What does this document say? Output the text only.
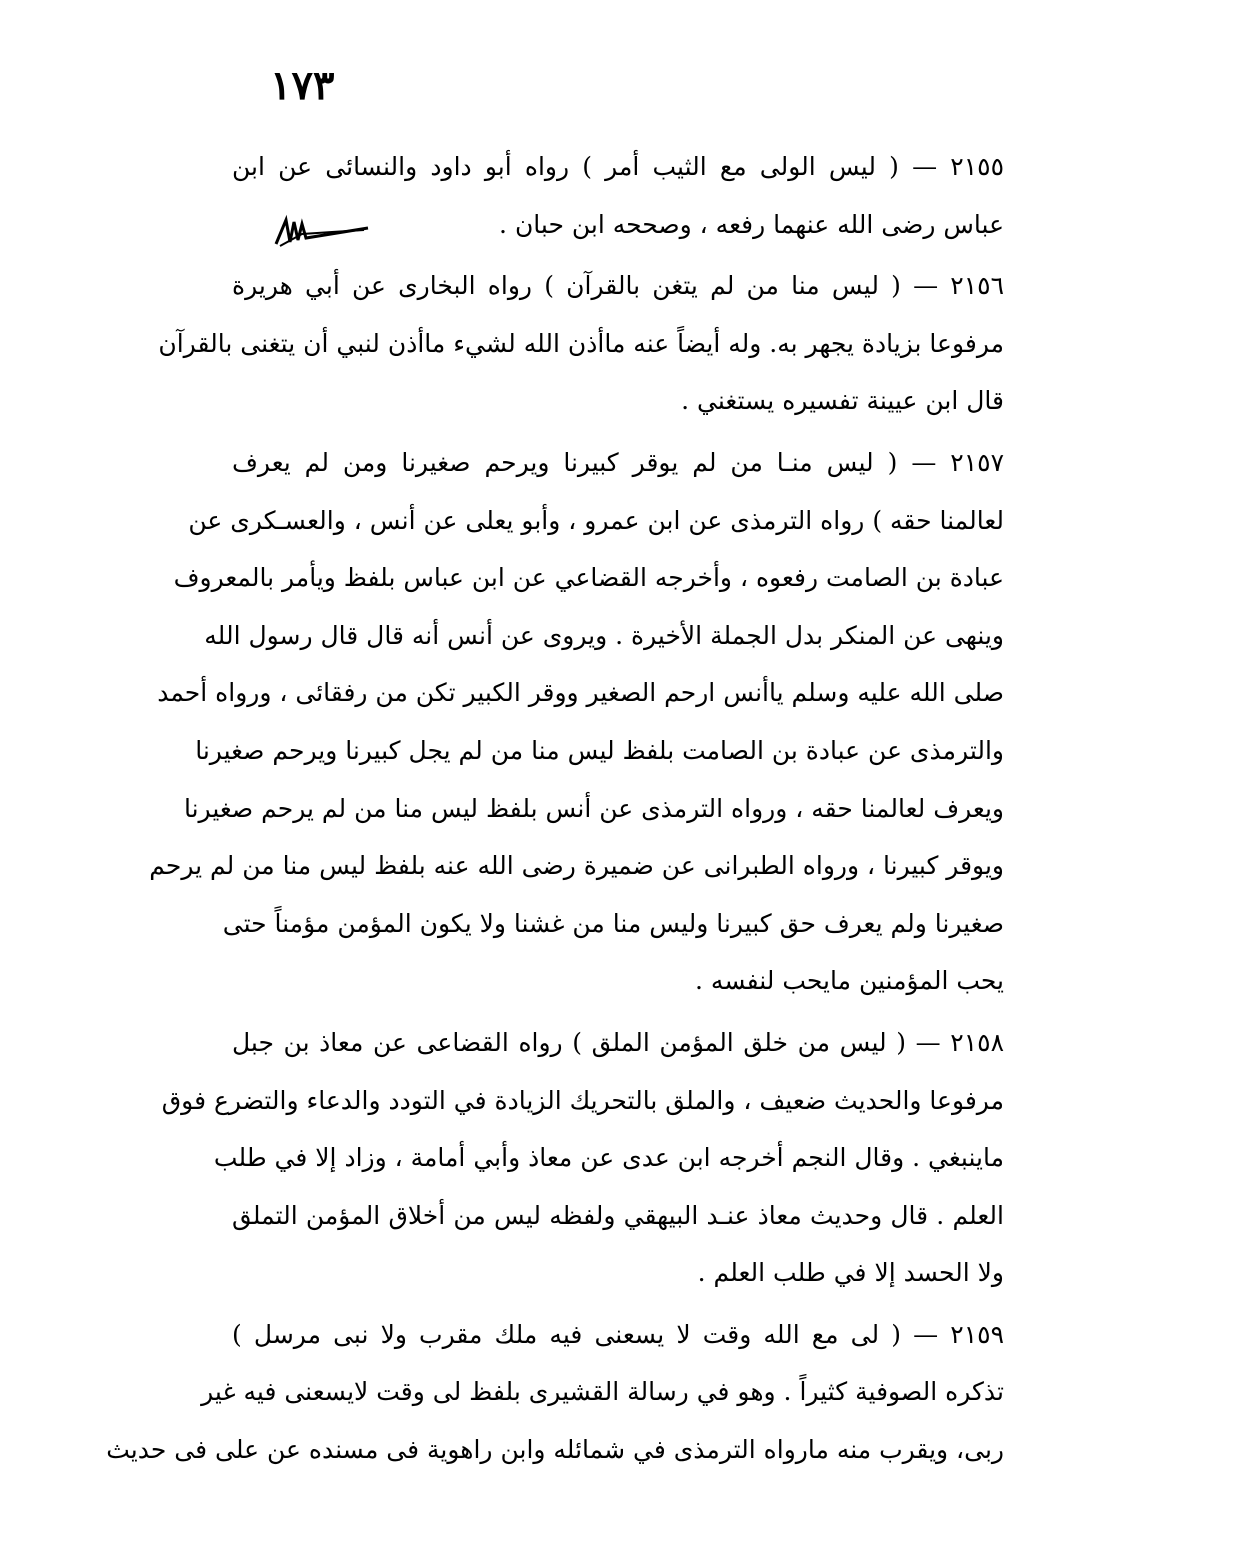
١٧٣
٢١٥٥ — ( ليس الولى مع الثيب أمر ) رواه أبو داود والنسائى عن ابن
عباس رضى الله عنهما رفعه ، وصححه ابن حبان .
٢١٥٦ — ( ليس منا من لم يتغن بالقرآن ) رواه البخارى عن أبي هريرة
مرفوعا بزيادة يجهر به. وله أيضاً عنه ماأذن الله لشيء ماأذن لنبي أن يتغنى بالقرآن
قال ابن عيينة تفسيره يستغني .
٢١٥٧ — ( ليس منـا من لم يوقر كبيرنا ويرحم صغيرنا ومن لم يعرف
لعالمنا حقه ) رواه الترمذى عن ابن عمرو ، وأبو يعلى عن أنس ، والعسـكرى عن
عبادة بن الصامت رفعوه ، وأخرجه القضاعي عن ابن عباس بلفظ ويأمر بالمعروف
وينهى عن المنكر بدل الجملة الأخيرة . ويروى عن أنس أنه قال قال رسول الله
صلى الله عليه وسلم ياأنس ارحم الصغير ووقر الكبير تكن من رفقائى ، ورواه أحمد
والترمذى عن عبادة بن الصامت بلفظ ليس منا من لم يجل كبيرنا ويرحم صغيرنا
ويعرف لعالمنا حقه ، ورواه الترمذى عن أنس بلفظ ليس منا من لم يرحم صغيرنا
ويوقر كبيرنا ، ورواه الطبرانى عن ضميرة رضى الله عنه بلفظ ليس منا من لم يرحم
صغيرنا ولم يعرف حق كبيرنا وليس منا من غشنا ولا يكون المؤمن مؤمناً حتى
يحب المؤمنين مايحب لنفسه .
٢١٥٨ — ( ليس من خلق المؤمن الملق ) رواه القضاعى عن معاذ بن جبل
مرفوعا والحديث ضعيف ، والملق بالتحريك الزيادة في التودد والدعاء والتضرع فوق
ماينبغي . وقال النجم أخرجه ابن عدى عن معاذ وأبي أمامة ، وزاد إلا في طلب
العلم . قال وحديث معاذ عنـد البيهقي ولفظه ليس من أخلاق المؤمن التملق
ولا الحسد إلا في طلب العلم .
٢١٥٩ — ( لى مع الله وقت لا يسعنى فيه ملك مقرب ولا نبى مرسل )
تذكره الصوفية كثيراً . وهو في رسالة القشيرى بلفظ لى وقت لايسعنى فيه غير
ربى، ويقرب منه مارواه الترمذى في شمائله وابن راهوية فى مسنده عن على فى حديث
